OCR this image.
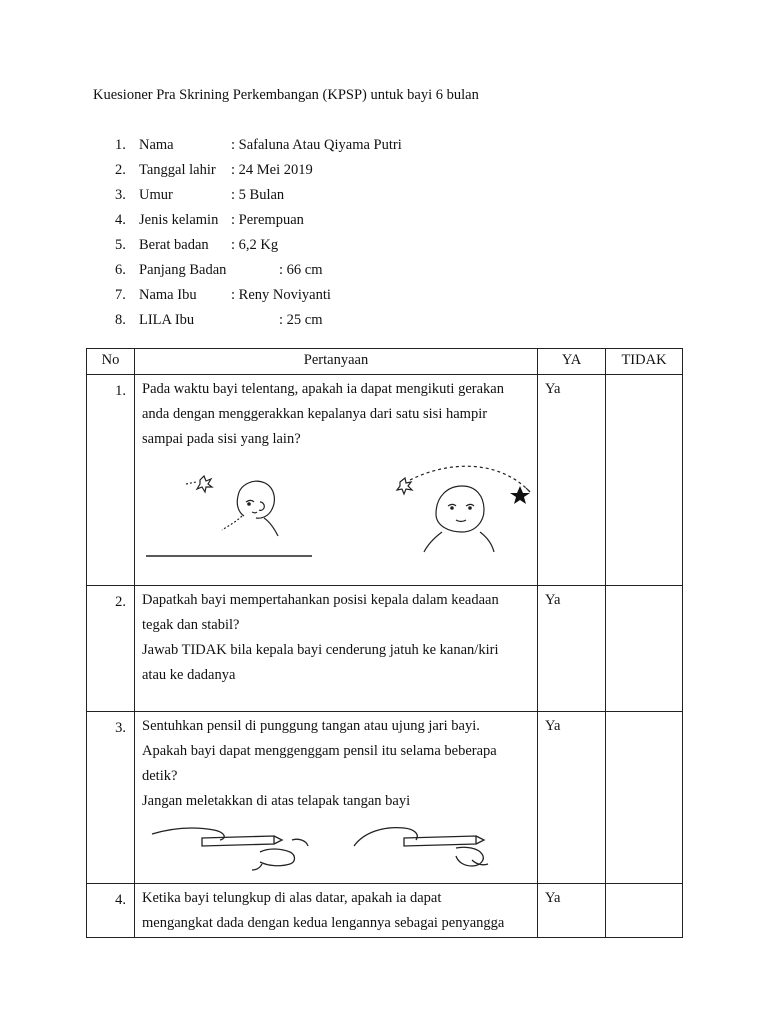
Kuesioner Pra Skrining Perkembangan (KPSP) untuk bayi 6 bulan
1. Nama	: Safaluna Atau Qiyama Putri
2. Tanggal lahir : 24 Mei 2019
3. Umur	: 5 Bulan
4. Jenis kelamin : Perempuan
5. Berat badan : 6,2 Kg
6. Panjang Badan	: 66 cm
7. Nama Ibu : Reny Noviyanti
8. LILA Ibu	: 25 cm
No	Pertanyaan	YA	TIDAK
1.	Pada waktu bayi telentang, apakah ia dapat mengikuti gerakan
anda dengan menggerakkan kepalanya dari satu sisi hampir
sampai pada sisi yang lain?	Ya	
2.	Dapatkah bayi mempertahankan posisi kepala dalam keadaan
tegak dan stabil?
Jawab TIDAK bila kepala bayi cenderung jatuh ke kanan/kiri
atau ke dadanya	Ya	
3.	Sentuhkan pensil di punggung tangan atau ujung jari bayi.
Apakah bayi dapat menggenggam pensil itu selama beberapa
detik?
Jangan meletakkan di atas telapak tangan bayi	Ya	
4.	Ketika bayi telungkup di alas datar, apakah ia dapat
mengangkat dada dengan kedua lengannya sebagai penyangga	Ya	
